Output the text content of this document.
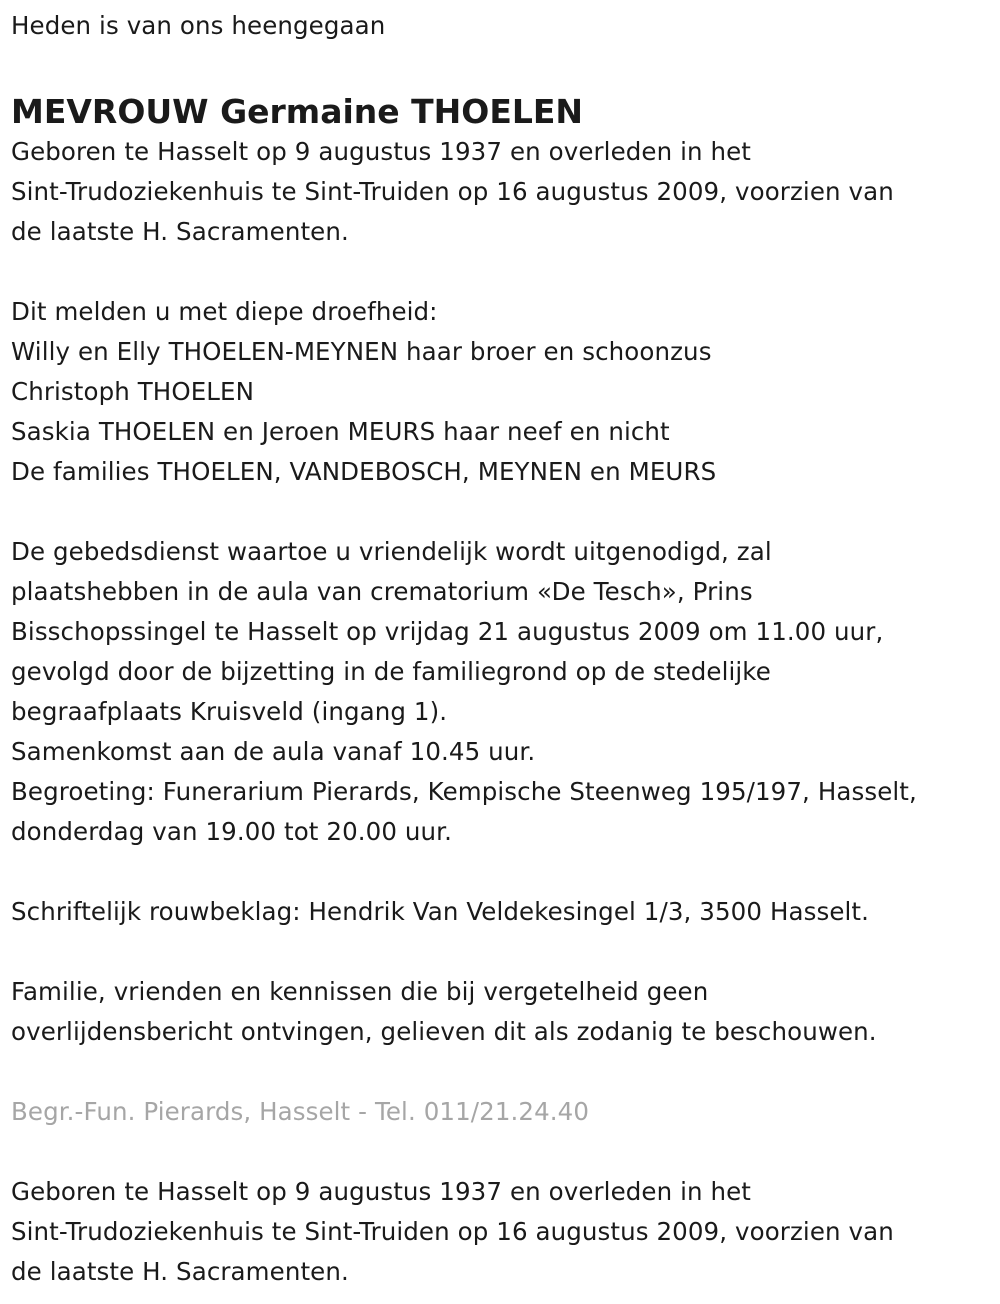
Heden is van ons heengegaan
MEVROUW Germaine THOELEN
Geboren te Hasselt op 9 augustus 1937 en overleden in het
Sint-Trudoziekenhuis te Sint-Truiden op 16 augustus 2009, voorzien van
de laatste H. Sacramenten.
Dit melden u met diepe droefheid:
Willy en Elly THOELEN-MEYNEN haar broer en schoonzus
Christoph THOELEN
Saskia THOELEN en Jeroen MEURS haar neef en nicht
De families THOELEN, VANDEBOSCH, MEYNEN en MEURS
De gebedsdienst waartoe u vriendelijk wordt uitgenodigd, zal
plaatshebben in de aula van crematorium «De Tesch», Prins
Bisschopssingel te Hasselt op vrijdag 21 augustus 2009 om 11.00 uur,
gevolgd door de bijzetting in de familiegrond op de stedelijke
begraafplaats Kruisveld (ingang 1).
Samenkomst aan de aula vanaf 10.45 uur.
Begroeting: Funerarium Pierards, Kempische Steenweg 195/197, Hasselt,
donderdag van 19.00 tot 20.00 uur.
Schriftelijk rouwbeklag: Hendrik Van Veldekesingel 1/3, 3500 Hasselt.
Familie, vrienden en kennissen die bij vergetelheid geen
overlijdensbericht ontvingen, gelieven dit als zodanig te beschouwen.
Begr.-Fun. Pierards, Hasselt - Tel. 011/21.24.40
Geboren te Hasselt op 9 augustus 1937 en overleden in het
Sint-Trudoziekenhuis te Sint-Truiden op 16 augustus 2009, voorzien van
de laatste H. Sacramenten.
